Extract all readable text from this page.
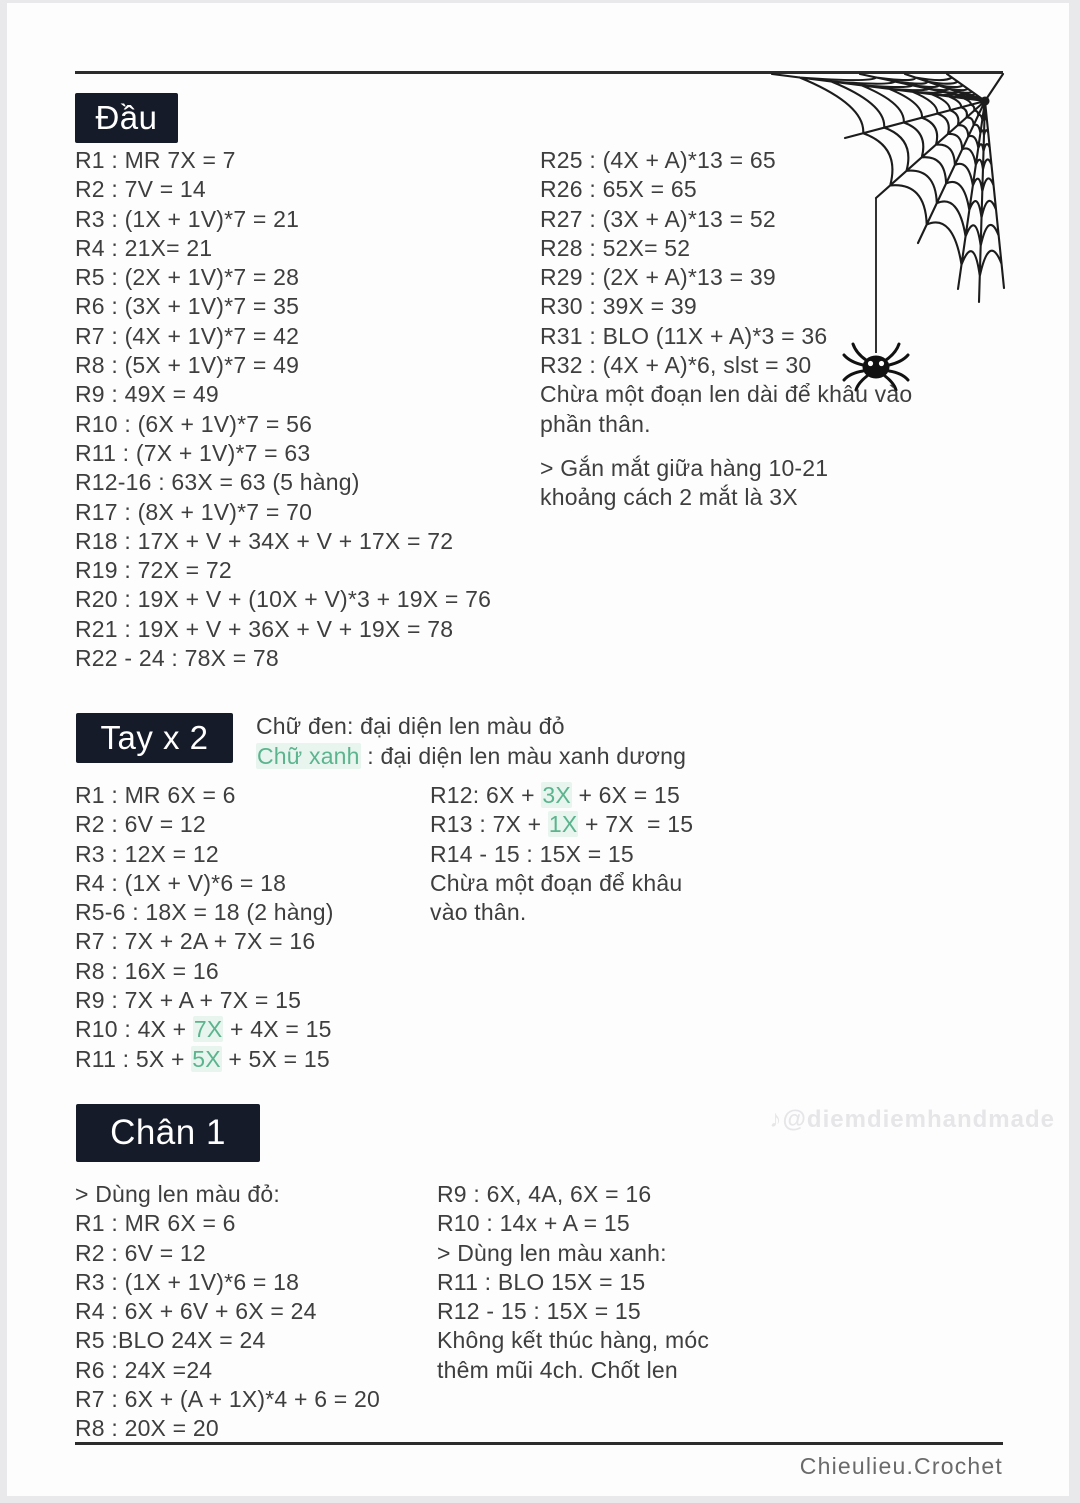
Đầu
R1 : MR 7X = 7
R2 : 7V = 14
R3 : (1X + 1V)*7 = 21
R4 : 21X= 21
R5 : (2X + 1V)*7 = 28
R6 : (3X + 1V)*7 = 35
R7 : (4X + 1V)*7 = 42
R8 : (5X + 1V)*7 = 49
R9 : 49X = 49
R10 : (6X + 1V)*7 = 56
R11 : (7X + 1V)*7 = 63
R12-16 : 63X = 63 (5 hàng)
R17 : (8X + 1V)*7 = 70
R18 : 17X + V + 34X + V + 17X = 72
R19 : 72X = 72
R20 : 19X + V + (10X + V)*3 + 19X = 76
R21 : 19X + V + 36X + V + 19X = 78
R22 - 24 : 78X = 78
R25 : (4X + A)*13 = 65
R26 : 65X = 65
R27 : (3X + A)*13 = 52
R28 : 52X= 52
R29 : (2X + A)*13 = 39
R30 : 39X = 39
R31 : BLO (11X + A)*3 = 36
R32 : (4X + A)*6, slst = 30
Chừa một đoạn len dài để khâu vào
phần thân.
> Gắn mắt giữa hàng 10-21
khoảng cách 2 mắt là 3X
Tay x 2 Chữ đen: đại diện len màu đỏ
Chữ xanh : đại diện len màu xanh dương
R1 : MR 6X = 6
R2 : 6V = 12
R3 : 12X = 12
R4 : (1X + V)*6 = 18
R5-6 : 18X = 18 (2 hàng)
R7 : 7X + 2A + 7X = 16
R8 : 16X = 16
R9 : 7X + A + 7X = 15
R10 : 4X + 7X + 4X = 15
R11 : 5X + 5X + 5X = 15
R12: 6X + 3X + 6X = 15
R13 : 7X + 1X + 7X  = 15
R14 - 15 : 15X = 15
Chừa một đoạn để khâu
vào thân.
Chân 1
> Dùng len màu đỏ:
R1 : MR 6X = 6
R2 : 6V = 12
R3 : (1X + 1V)*6 = 18
R4 : 6X + 6V + 6X = 24
R5 :BLO 24X = 24
R6 : 24X =24
R7 : 6X + (A + 1X)*4 + 6 = 20
R8 : 20X = 20
R9 : 6X, 4A, 6X = 16
R10 : 14x + A = 15
> Dùng len màu xanh:
R11 : BLO 15X = 15
R12 - 15 : 15X = 15
Không kết thúc hàng, móc
thêm mũi 4ch. Chốt len
♪@diemdiemhandmade
Chieulieu.Crochet
